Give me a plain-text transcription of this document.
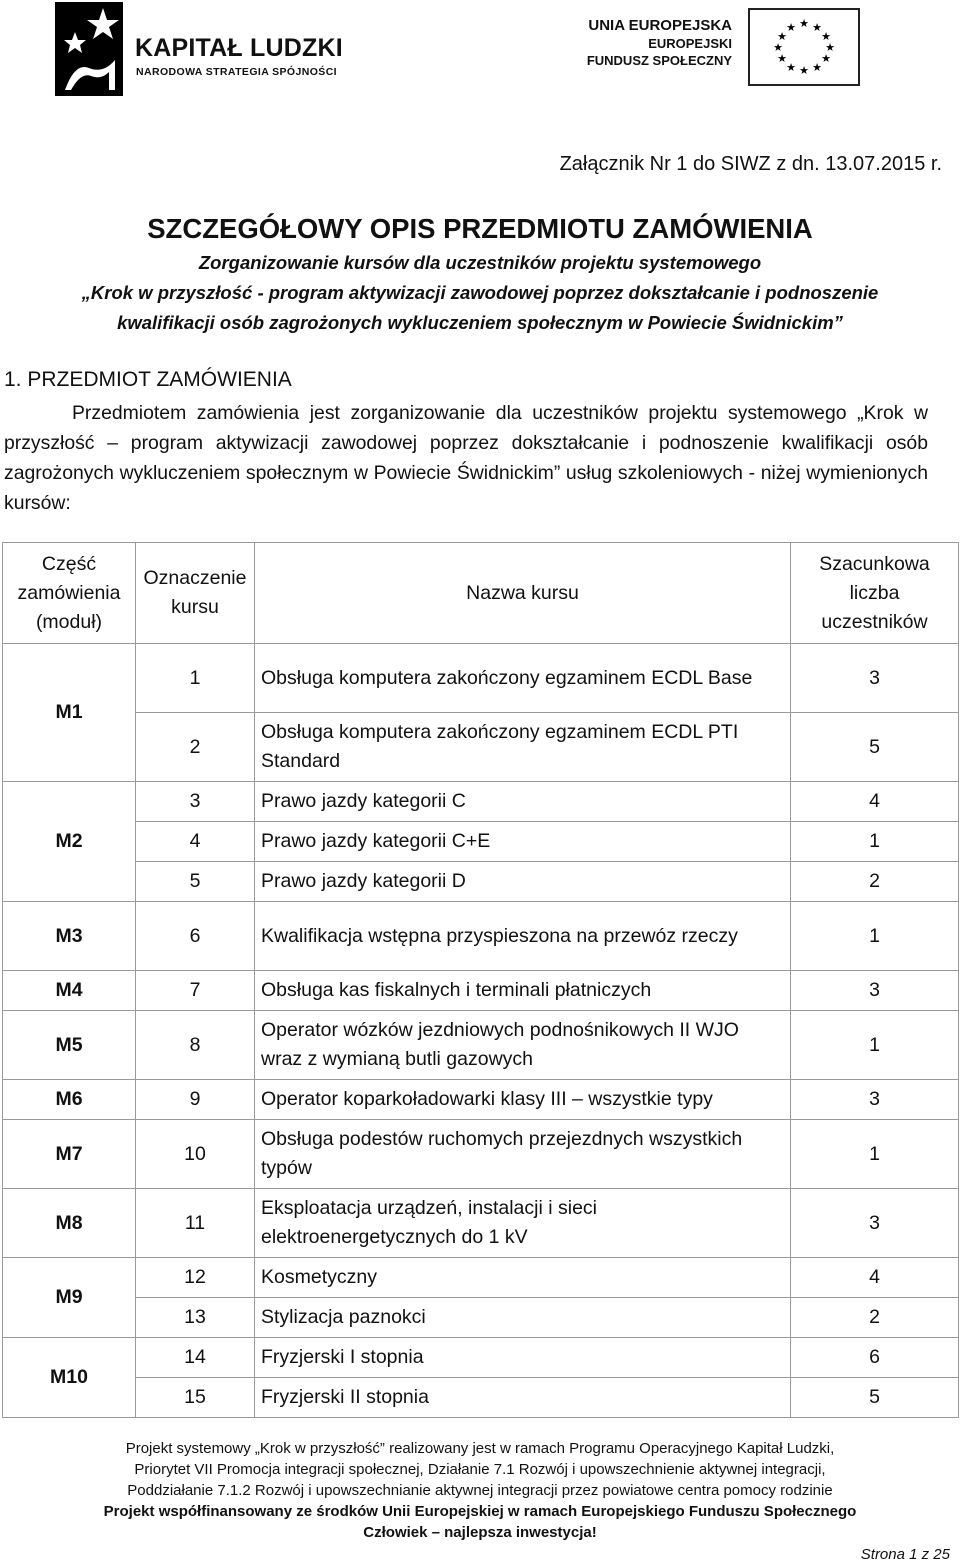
KAPITAŁ LUDZKI
NARODOWA STRATEGIA SPÓJNOŚCI
UNIA EUROPEJSKA
EUROPEJSKI
FUNDUSZ SPOŁECZNY
★ ★
★
★
★
★
★
★
★
★
★
★
Załącznik Nr 1 do SIWZ z dn. 13.07.2015 r.
SZCZEGÓŁOWY OPIS PRZEDMIOTU ZAMÓWIENIA
Zorganizowanie kursów dla uczestników projektu systemowego
„Krok w przyszłość - program aktywizacji zawodowej poprzez dokształcanie i podnoszenie
kwalifikacji osób zagrożonych wykluczeniem społecznym w Powiecie Świdnickim”
1. PRZEDMIOT ZAMÓWIENIA
Przedmiotem zamówienia jest zorganizowanie dla uczestników projektu systemowego „Krok w przyszłość – program aktywizacji zawodowej poprzez dokształcanie i podnoszenie kwalifikacji osób zagrożonych wykluczeniem społecznym w Powiecie Świdnickim” usług szkoleniowych - niżej wymienionych kursów:
Część zamówienia (moduł)	Oznaczenie kursu	Nazwa kursu	Szacunkowa liczba uczestników
M1	1	Obsługa komputera zakończony egzaminem ECDL Base	3
	2	Obsługa komputera zakończony egzaminem ECDL PTI Standard	5
M2	3	Prawo jazdy kategorii C	4
	4	Prawo jazdy kategorii C+E	1
	5	Prawo jazdy kategorii D	2
M3	6	Kwalifikacja wstępna przyspieszona na przewóz rzeczy	1
M4	7	Obsługa kas fiskalnych i terminali płatniczych	3
M5	8	Operator wózków jezdniowych podnośnikowych II WJO wraz z wymianą butli gazowych	1
M6	9	Operator koparkoładowarki klasy III – wszystkie typy	3
M7	10	Obsługa podestów ruchomych przejezdnych wszystkich typów	1
M8	11	Eksploatacja urządzeń, instalacji i sieci elektroenergetycznych do 1 kV	3
M9	12	Kosmetyczny	4
	13	Stylizacja paznokci	2
M10	14	Fryzjerski I stopnia	6
	15	Fryzjerski II stopnia	5
Projekt systemowy „Krok w przyszłość” realizowany jest w ramach Programu Operacyjnego Kapitał Ludzki,
Priorytet VII Promocja integracji społecznej, Działanie 7.1 Rozwój i upowszechnienie aktywnej integracji,
Poddziałanie 7.1.2 Rozwój i upowszechnianie aktywnej integracji przez powiatowe centra pomocy rodzinie
Projekt współfinansowany ze środków Unii Europejskiej w ramach Europejskiego Funduszu Społecznego
Człowiek – najlepsza inwestycja!
Strona 1 z 25
